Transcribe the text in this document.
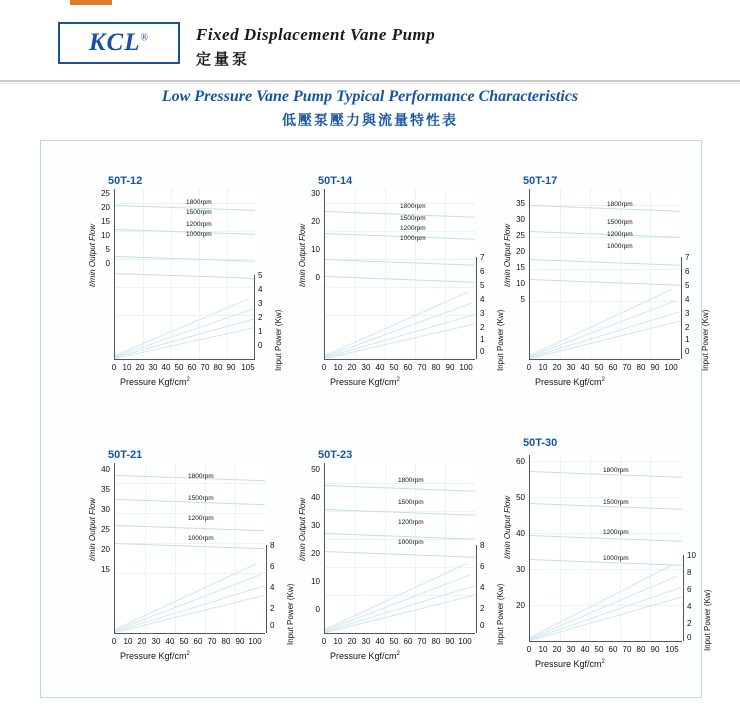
KCL®	Fixed Displacement Vane Pump
定量泵
Low Pressure Vane Pump Typical Performance Characteristics
低壓泵壓力與流量特性表
50T-12
ℓ/min Output Flow
25
20
15
10
5
0
1800rpm
1500rpm
1200rpm
1000rpm
5
4
3
2
1
0	Input Power (Kw)
0 10 20 30 40 50 60 70 80 90 105
Pressure Kgf/$cm^2$
50T-14
ℓ/min Output Flow
30
20
10
0
1800rpm
1500rpm
1200rpm
1000rpm
7
6
5
4
3
2
1
0	Input Power (Kw)
0 10 20 30 40 50 60 70 80 90 100
Pressure Kgf/$cm^2$
50T-17
ℓ/min Output Flow
35
30
25
20
15
10
5
1800rpm
1500rpm
1200rpm
1000rpm
7
6
5
4
3
2
1
0	Input Power (Kw)
0 10 20 30 40 50 60 70 80 90 100
Pressure Kgf/$cm^2$
50T-21
ℓ/min Output Flow
40
35
30
25
20
15
1800rpm
1500rpm
1200rpm
1000rpm
8
6
4
2
0	Input Power (Kw)
0 10 20 30 40 50 60 70 80 90 100
Pressure Kgf/$cm^2$
50T-23
ℓ/min Output Flow
50
40
30
20
10
0
1800rpm
1500rpm
1200rpm
1000rpm	8
6
4
2
0	Input Power (Kw)
0 10 20 30 40 50 60 70 80 90 100
Pressure Kgf/$cm^2$
50T-30
ℓ/min Output Flow
60
50
40
30
20
1800rpm
1500rpm
1200rpm
1000rpm	10
8
6
4
2
0	Input Power (Kw)
0 10 20 30 40 50 60 70 80 90 105
Pressure Kgf/$cm^2$
